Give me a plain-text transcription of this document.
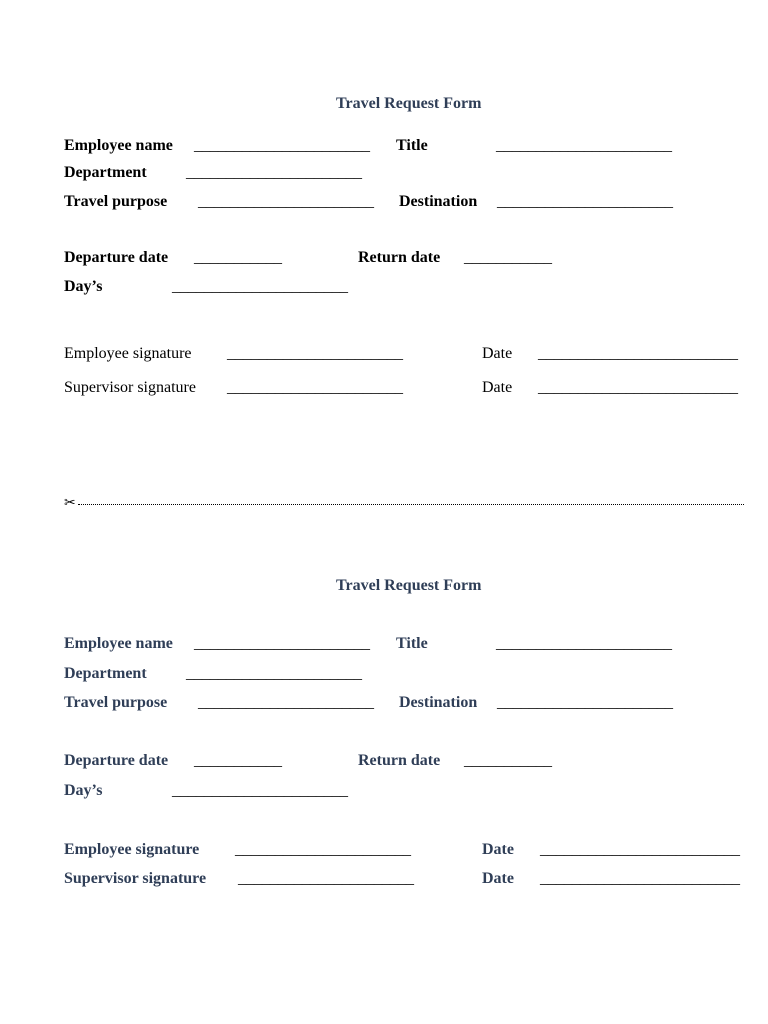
Travel Request Form
Employee name ______________________ Title	______________________
Department ______________________
Travel purpose ______________________ Destination ______________________
Departure date ___________	Return date ___________
Day’s	______________________
Employee signature ______________________	Date _________________________
Supervisor signature ______________________	Date _________________________
✂
Travel Request Form
Employee name ______________________ Title	______________________
Department ______________________
Travel purpose ______________________ Destination ______________________
Departure date ___________	Return date ___________
Day’s	______________________
Employee signature ______________________	Date _________________________
Supervisor signature ______________________	Date _________________________
